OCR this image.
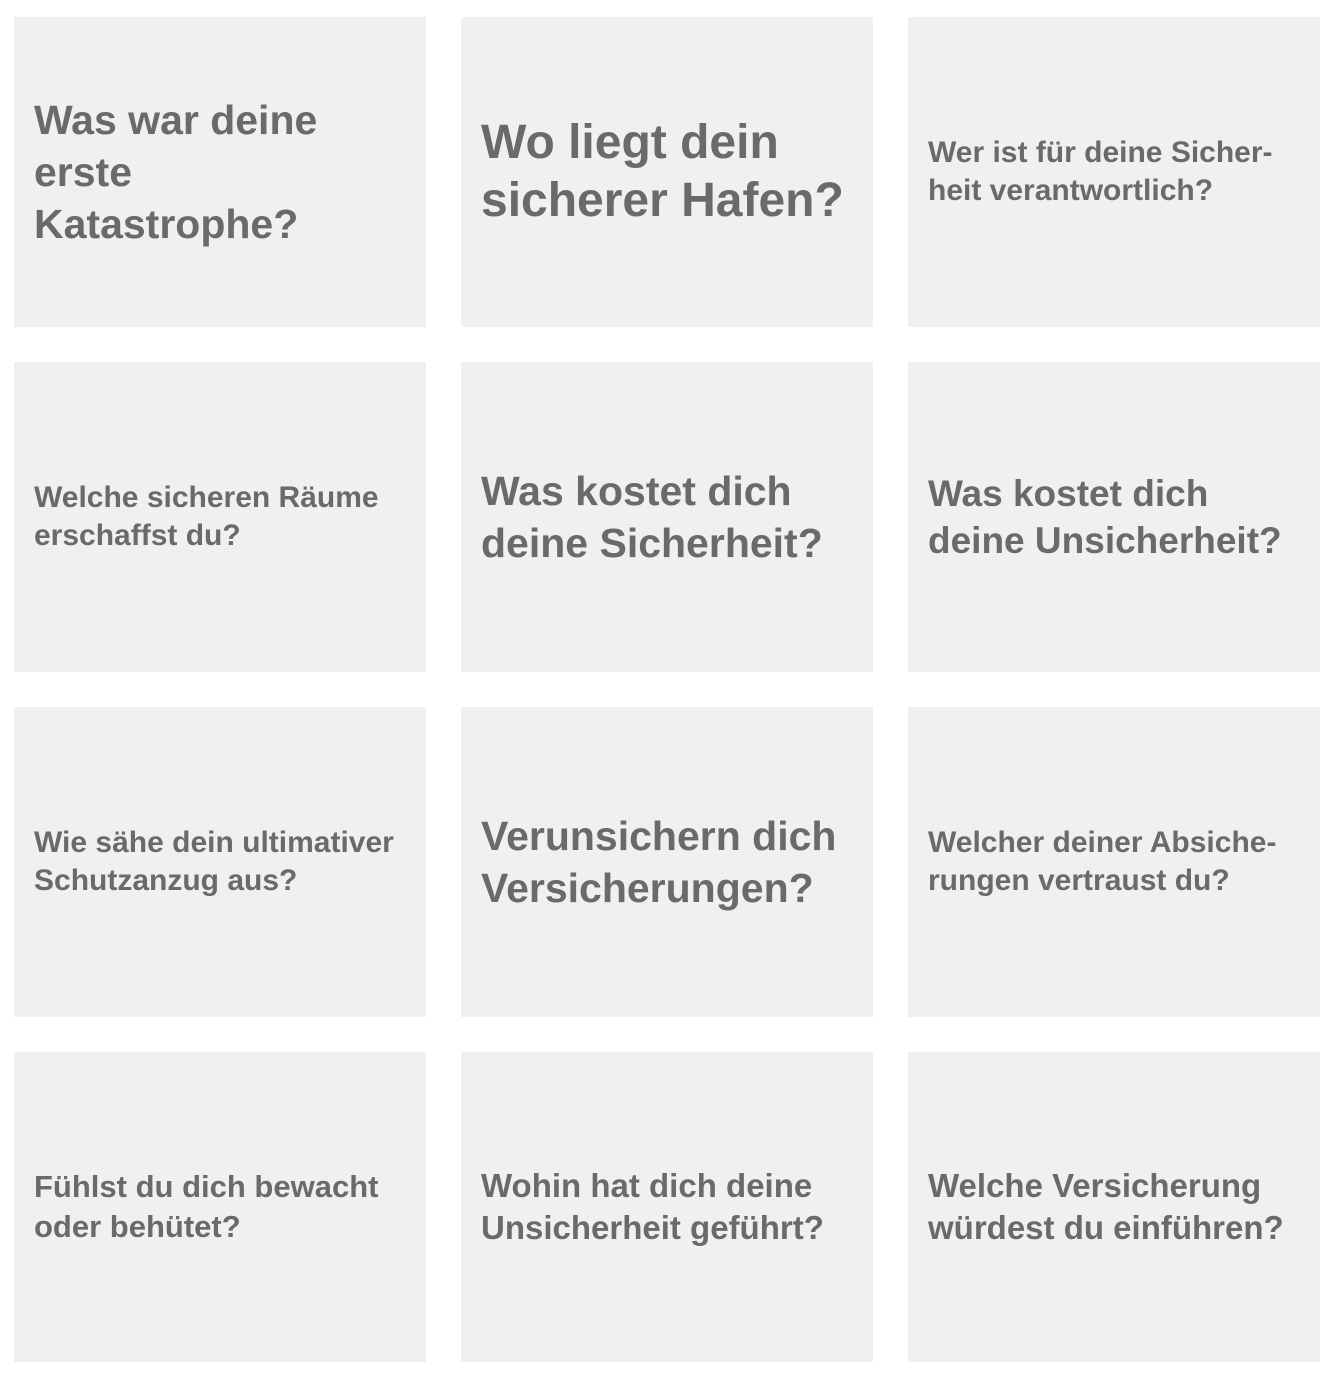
Was war deine
erste Katastrophe?

Wo liegt dein
sicherer Hafen?

Wer ist für deine Sicher-
heit verantwortlich?

Welche sicheren Räume
erschaffst du?

Was kostet dich
deine Sicherheit?

Was kostet dich
deine Unsicherheit?

Wie sähe dein ultimativer
Schutzanzug aus?

Verunsichern dich
Versicherungen?

Welcher deiner Absiche-
rungen vertraust du?

Fühlst du dich bewacht
oder behütet?

Wohin hat dich deine
Unsicherheit geführt?

Welche Versicherung
würdest du einführen?
